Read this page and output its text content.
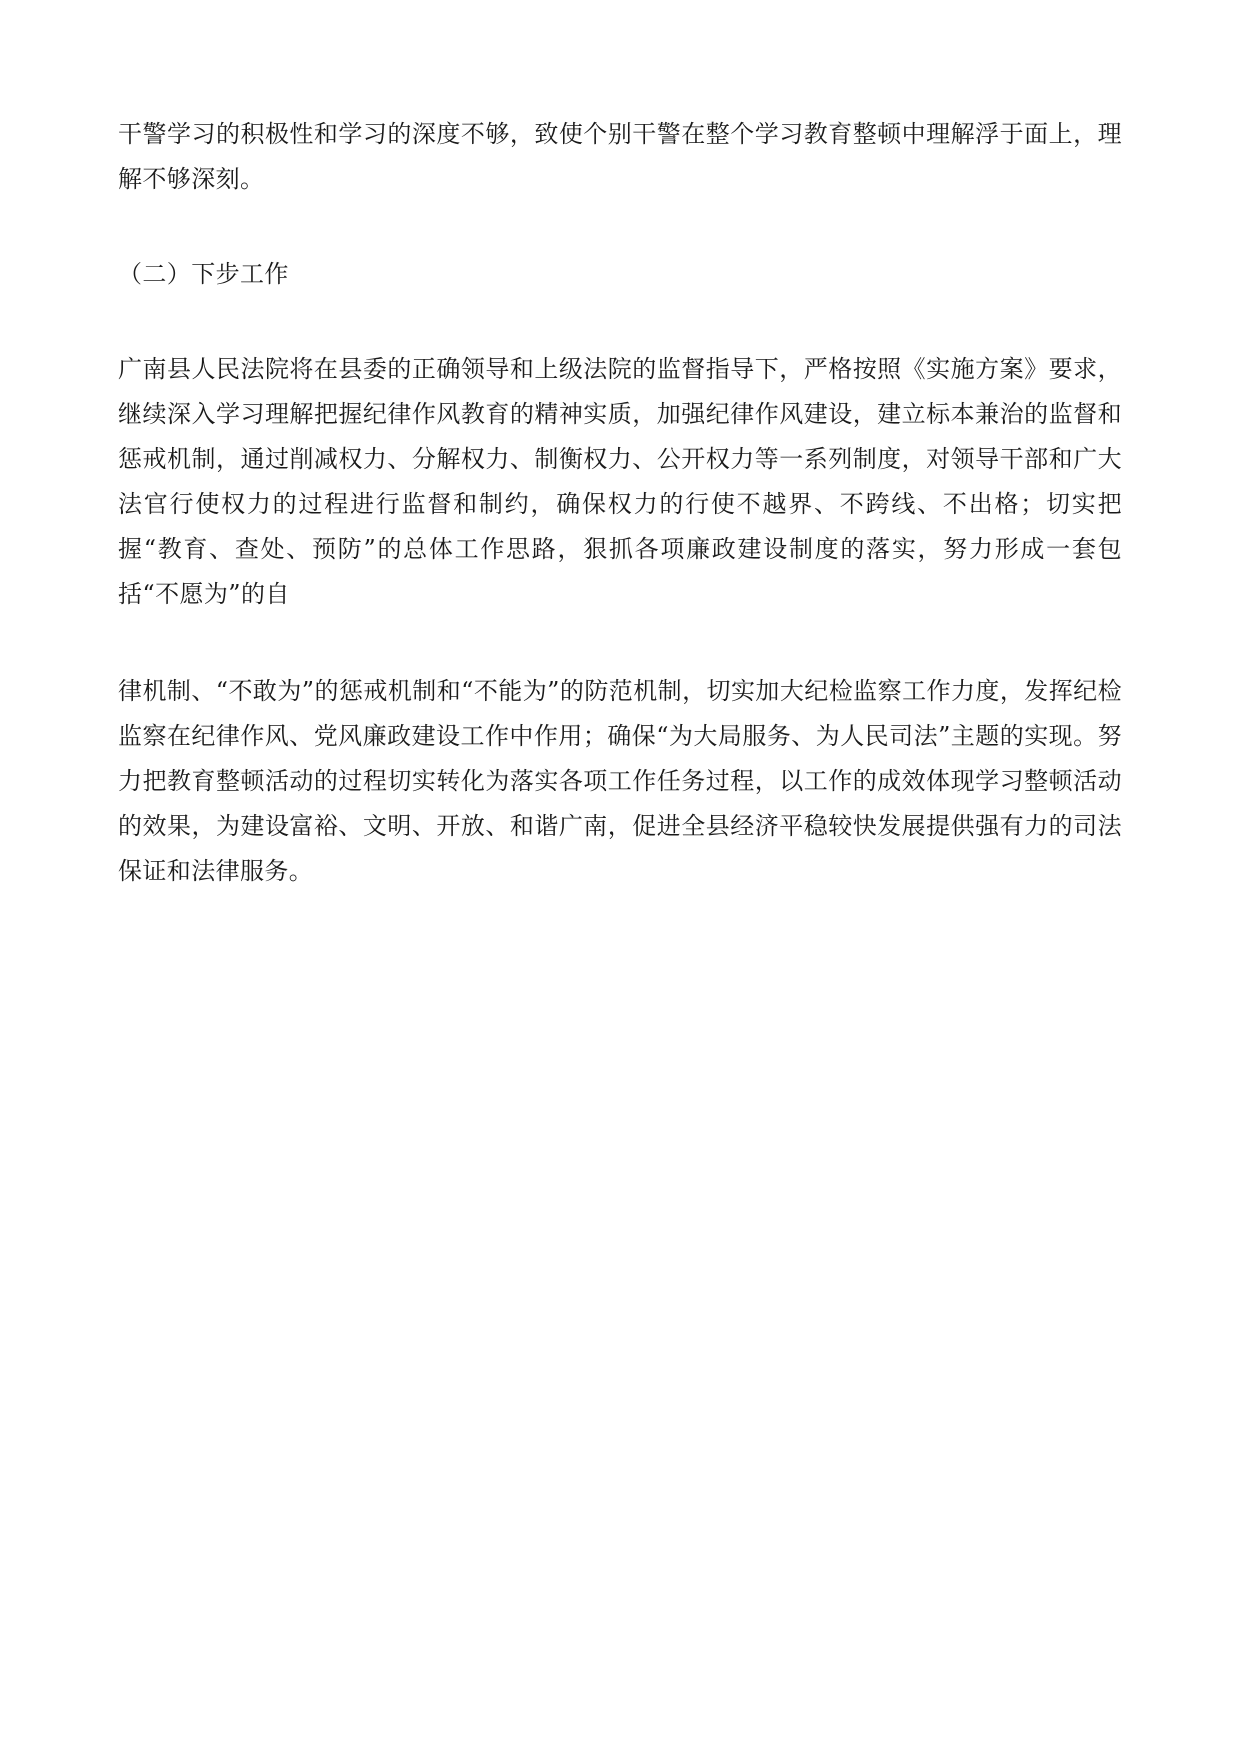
干警学习的积极性和学习的深度不够，致使个别干警在整个学习教育整顿中理解浮于面上，理解不够深刻。

（二）下步工作

广南县人民法院将在县委的正确领导和上级法院的监督指导下，严格按照《实施方案》要求，继续深入学习理解把握纪律作风教育的精神实质，加强纪律作风建设，建立标本兼治的监督和惩戒机制，通过削减权力、分解权力、制衡权力、公开权力等一系列制度，对领导干部和广大法官行使权力的过程进行监督和制约，确保权力的行使不越界、不跨线、不出格；切实把握“教育、查处、预防”的总体工作思路，狠抓各项廉政建设制度的落实，努力形成一套包括“不愿为”的自

律机制、“不敢为”的惩戒机制和“不能为”的防范机制，切实加大纪检监察工作力度，发挥纪检监察在纪律作风、党风廉政建设工作中作用；确保“为大局服务、为人民司法”主题的实现。努力把教育整顿活动的过程切实转化为落实各项工作任务过程，以工作的成效体现学习整顿活动的效果，为建设富裕、文明、开放、和谐广南，促进全县经济平稳较快发展提供强有力的司法保证和法律服务。
